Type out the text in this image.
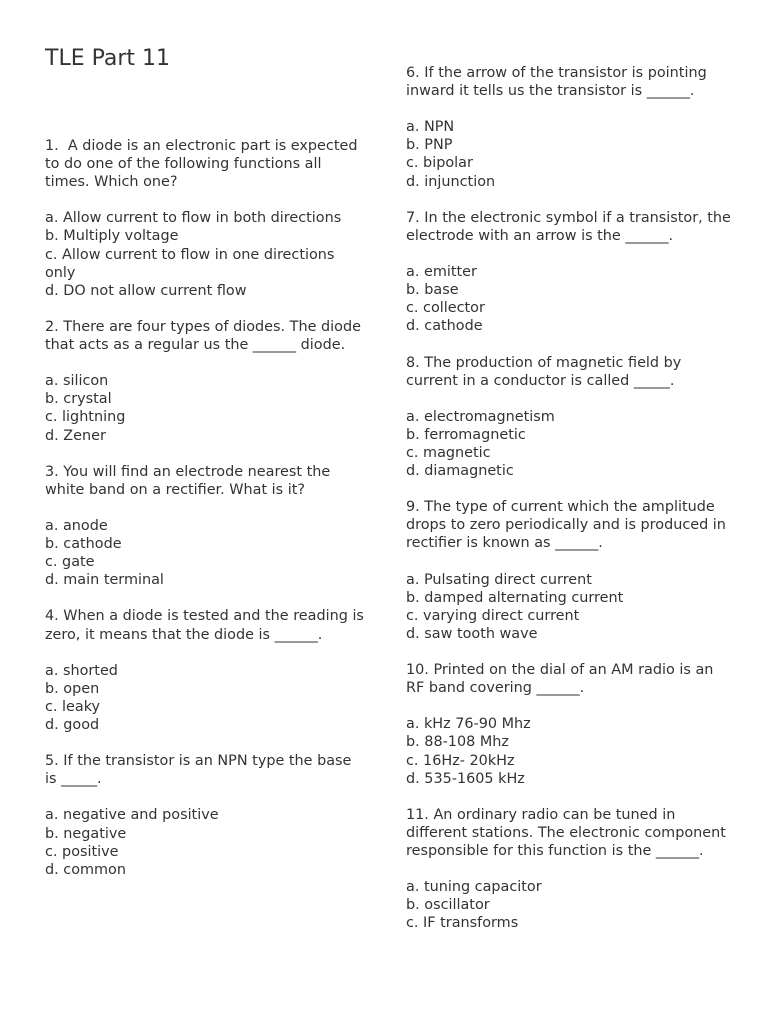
TLE Part 11

1.  A diode is an electronic part is expected to do one of the following functions all times. Which one?

a. Allow current to flow in both directions
b. Multiply voltage
c. Allow current to flow in one directions only
d. DO not allow current flow

2. There are four types of diodes. The diode that acts as a regular us the ______ diode.

a. silicon
b. crystal
c. lightning
d. Zener

3. You will find an electrode nearest the white band on a rectifier. What is it?

a. anode
b. cathode
c. gate
d. main terminal

4. When a diode is tested and the reading is zero, it means that the diode is ______.

a. shorted
b. open
c. leaky
d. good

5. If the transistor is an NPN type the base is _____.

a. negative and positive
b. negative
c. positive
d. common

6. If the arrow of the transistor is pointing inward it tells us the transistor is ______.

a. NPN
b. PNP
c. bipolar
d. injunction

7. In the electronic symbol if a transistor, the electrode with an arrow is the ______.

a. emitter
b. base
c. collector
d. cathode

8. The production of magnetic field by current in a conductor is called _____.

a. electromagnetism
b. ferromagnetic
c. magnetic
d. diamagnetic

9. The type of current which the amplitude drops to zero periodically and is produced in rectifier is known as ______.

a. Pulsating direct current
b. damped alternating current
c. varying direct current
d. saw tooth wave

10. Printed on the dial of an AM radio is an RF band covering ______.

a. kHz 76-90 Mhz
b. 88-108 Mhz
c. 16Hz- 20kHz
d. 535-1605 kHz

11. An ordinary radio can be tuned in different stations. The electronic component responsible for this function is the ______.

a. tuning capacitor
b. oscillator
c. IF transforms
